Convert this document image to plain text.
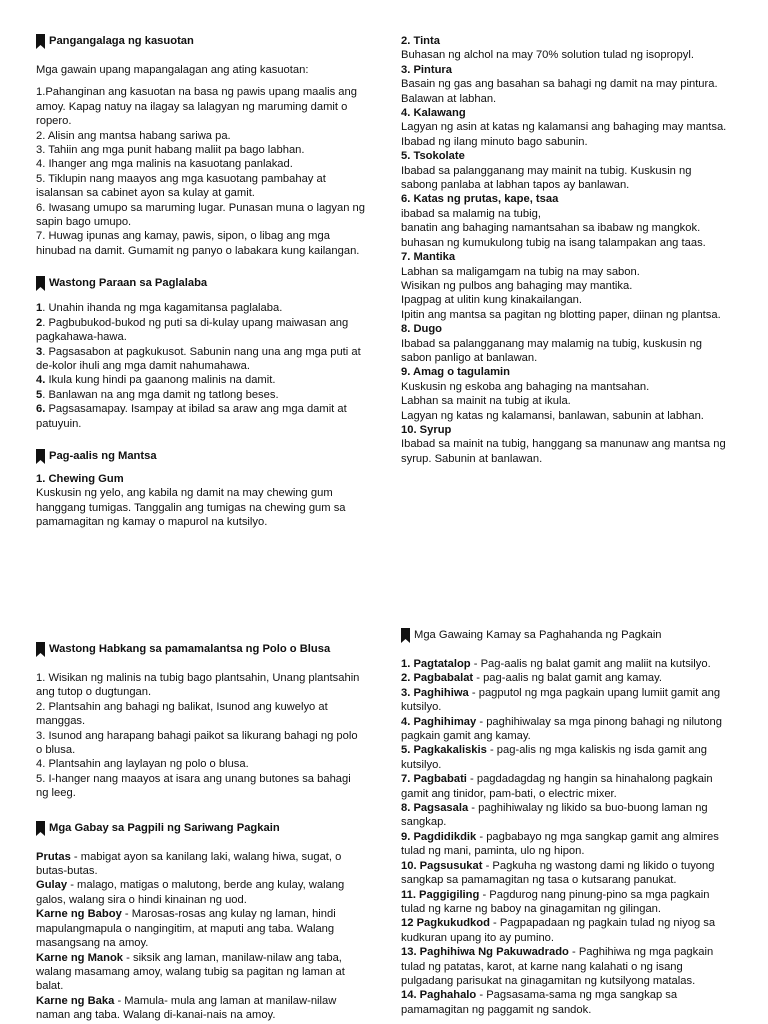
Pangangalaga ng kasuotan

Mga gawain upang mapangalagan ang ating kasuotan:

1.Pahanginan ang kasuotan na basa ng pawis upang maalis ang amoy. Kapag natuy na ilagay sa lalagyan ng maruming damit o ropero.

2. Alisin ang mantsa habang sariwa pa.

3. Tahiin ang mga punit habang maliit pa bago labhan.

4. Ihanger ang mga malinis na kasuotang panlakad.

5. Tiklupin nang maayos ang mga kasuotang pambahay at isalansan sa cabinet ayon sa kulay at gamit.

6. Iwasang umupo sa maruming lugar. Punasan muna o lagyan ng sapin bago umupo.

7. Huwag ipunas ang kamay, pawis, sipon, o libag ang mga hinubad na damit. Gumamit ng panyo o labakara kung kailangan.

Wastong Paraan sa Paglalaba

1. Unahin ihanda ng mga kagamitansa paglalaba.

2. Pagbubukod-bukod ng puti sa di-kulay upang maiwasan ang pagkahawa-hawa.

3. Pagsasabon at pagkukusot. Sabunin nang una ang mga puti at de-kolor ihuli ang mga damit nahumahawa.

4. Ikula kung hindi pa gaanong malinis na damit.

5. Banlawan na ang mga damit ng tatlong beses.

6. Pagsasamapay. Isampay at ibilad sa araw ang mga damit at patuyuin.

Pag-aalis ng Mantsa

1. Chewing Gum

Kuskusin ng yelo, ang kabila ng damit na may chewing gum hanggang tumigas. Tanggalin ang tumigas na chewing gum sa pamamagitan ng kamay o mapurol na kutsilyo.

2. Tinta

Buhasan ng alchol na may 70% solution tulad ng isopropyl.

3. Pintura

Basain ng gas ang basahan sa bahagi ng damit na may pintura. Balawan at labhan.

4. Kalawang

Lagyan ng asin at katas ng kalamansi ang bahaging may mantsa. Ibabad ng ilang minuto bago sabunin.

5. Tsokolate

Ibabad sa palangganang may mainit na tubig. Kuskusin ng sabong panlaba at labhan tapos ay banlawan.

6. Katas ng prutas, kape, tsaa

ibabad sa malamig na tubig,
banatin ang bahaging namantsahan sa ibabaw ng mangkok.
buhasan ng kumukulong tubig na isang talampakan ang taas.

7. Mantika

Labhan sa maligamgam na tubig na may sabon.
Wisikan ng pulbos ang bahaging may mantika.
Ipagpag at ulitin kung kinakailangan.
Ipitin ang mantsa sa pagitan ng blotting paper, diinan ng plantsa.

8. Dugo

Ibabad sa palangganang may malamig na tubig, kuskusin ng sabon panligo at banlawan.

9. Amag o tagulamin

Kuskusin ng eskoba ang bahaging na mantsahan.
Labhan sa mainit na tubig at ikula.
Lagyan ng katas ng kalamansi, banlawan, sabunin at labhan.

10. Syrup

Ibabad sa mainit na tubig, hanggang sa manunaw ang mantsa ng syrup. Sabunin at banlawan.

Wastong Habkang sa pamamalantsa ng Polo o Blusa

1. Wisikan ng malinis na tubig bago plantsahin, Unang plantsahin ang tutop o dugtungan.

2. Plantsahin ang bahagi ng balikat, Isunod ang kuwelyo at manggas.

3. Isunod ang harapang bahagi paikot sa likurang bahagi ng polo o blusa.

4. Plantsahin ang laylayan ng polo o blusa.

5. I-hanger nang maayos at isara ang unang butones sa bahagi ng leeg.

Mga Gabay sa Pagpili ng Sariwang Pagkain

Prutas - mabigat ayon sa kanilang laki, walang hiwa, sugat, o butas-butas.

Gulay - malago, matigas o malutong, berde ang kulay, walang galos, walang sira o hindi kinainan ng uod.

Karne ng Baboy - Marosas-rosas ang kulay ng laman, hindi mapulangmapula o nangingitim, at maputi ang taba. Walang masangsang na amoy.

Karne ng Manok - siksik ang laman, manilaw-nilaw ang taba, walang masamang amoy, walang tubig sa pagitan ng laman at balat.

Karne ng Baka - Mamula- mula ang laman at manilaw-nilaw naman ang taba. Walang di-kanai-nais na amoy.

Mga Gawaing Kamay sa Paghahanda ng Pagkain

1. Pagtatalop - Pag-aalis ng balat gamit ang maliit na kutsilyo.

2. Pagbabalat - pag-aalis ng balat gamit ang kamay.

3. Paghihiwa - pagputol ng mga pagkain upang lumiit gamit ang kutsilyo.

4. Paghihimay - paghihiwalay sa mga pinong bahagi ng nilutong pagkain gamit ang kamay.

5. Pagkakaliskis - pag-alis ng mga kaliskis ng isda gamit ang kutsilyo.

7. Pagbabati - pagdadagdag ng hangin sa hinahalong pagkain gamit ang tinidor, pam-bati, o electric mixer.

8. Pagsasala - paghihiwalay ng likido sa buo-buong laman ng sangkap.

9. Pagdidikdik - pagbabayo ng mga sangkap gamit ang almires tulad ng mani, paminta, ulo ng hipon.

10. Pagsusukat - Pagkuha ng wastong dami ng likido o tuyong sangkap sa pamamagitan ng tasa o kutsarang panukat.

11. Paggigiling - Pagdurog nang pinung-pino sa mga pagkain tulad ng karne ng baboy na ginagamitan ng gilingan.

12 Pagkukudkod - Pagpapadaan ng pagkain tulad ng niyog sa kudkuran upang ito ay pumino.

13. Paghihiwa Ng Pakuwadrado - Paghihiwa ng mga pagkain tulad ng patatas, karot, at karne nang kalahati o ng isang pulgadang parisukat na ginagamitan ng kutsilyong matalas.

14. Paghahalo - Pagsasama-sama ng mga sangkap sa pamamagitan ng paggamit ng sandok.
